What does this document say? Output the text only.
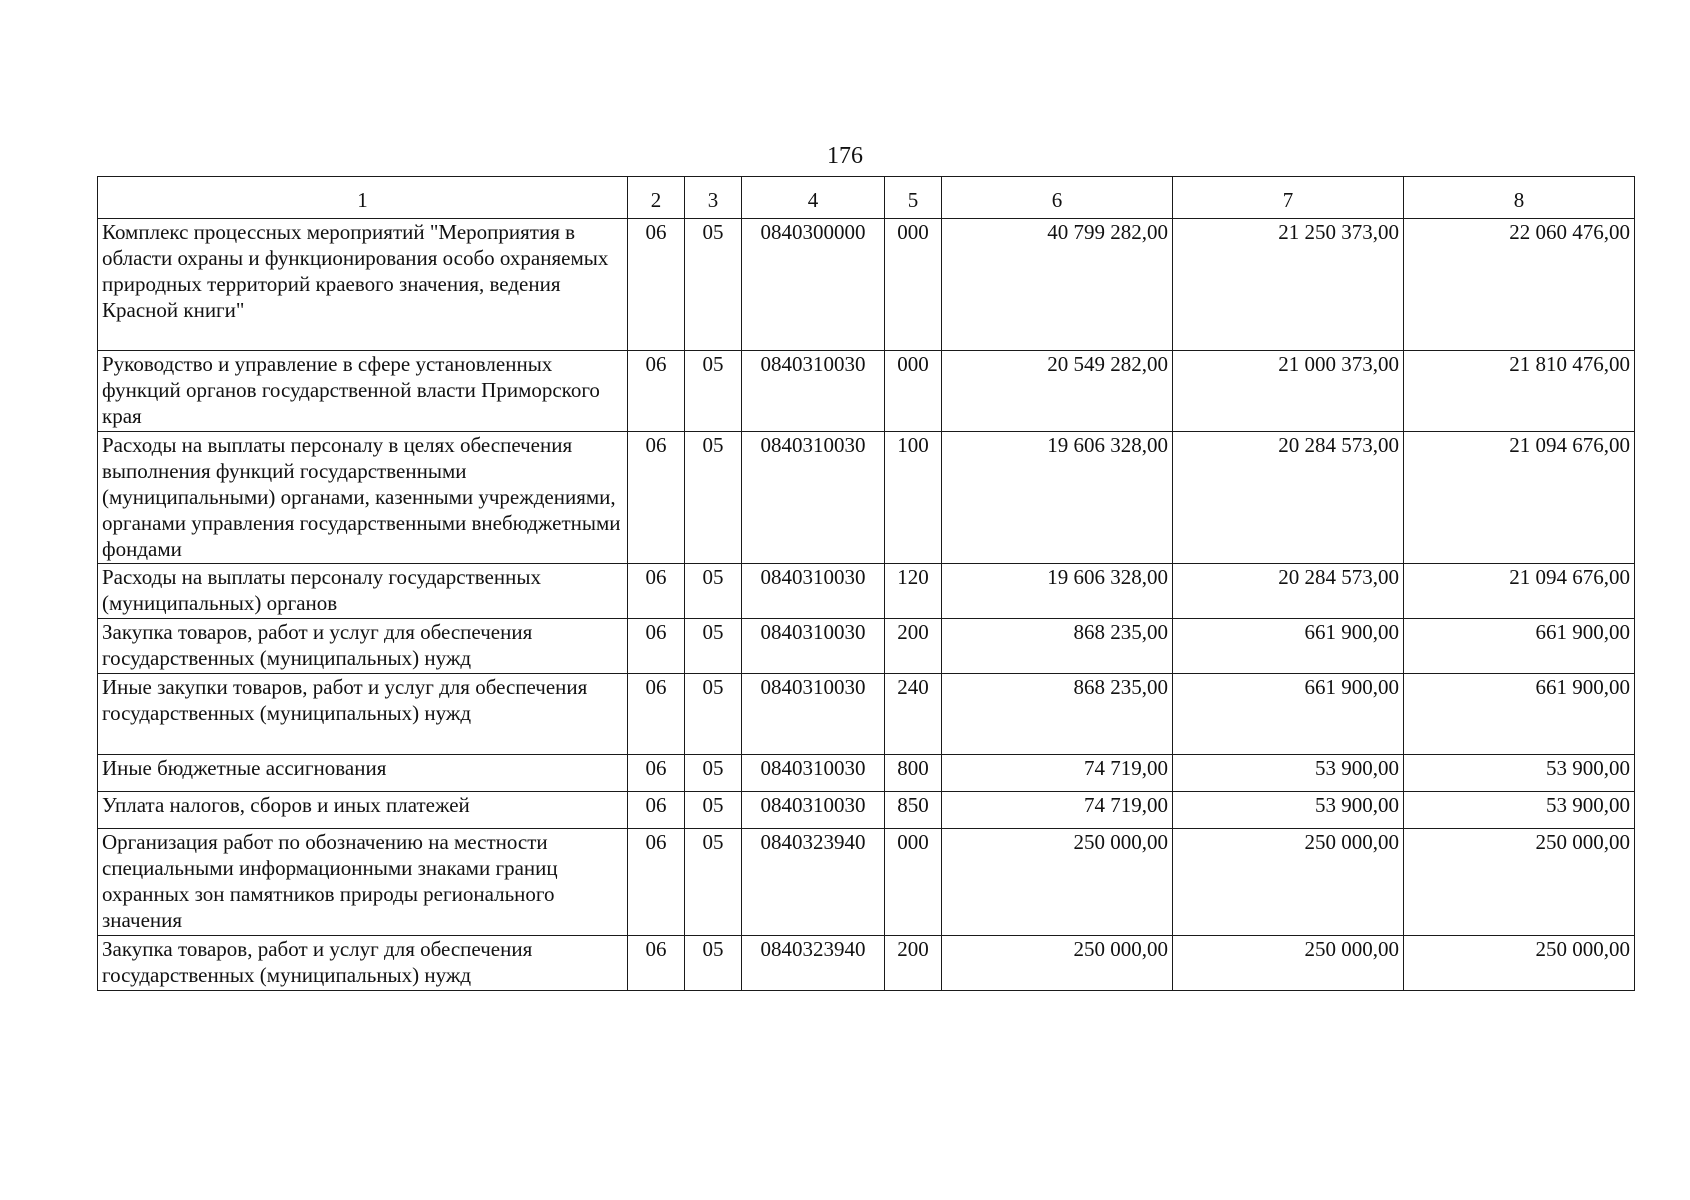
176
1	2	3	4	5	6	7	8
Комплекс процессных мероприятий "Мероприятия в области охраны и функционирования особо охраняемых природных территорий краевого значения, ведения Красной книги"	06	05	0840300000	000	40 799 282,00	21 250 373,00	22 060 476,00
Руководство и управление в сфере установленных функций органов государственной власти Приморского края	06	05	0840310030	000	20 549 282,00	21 000 373,00	21 810 476,00
Расходы на выплаты персоналу в целях обеспечения выполнения функций государственными (муниципальными) органами, казенными учреждениями, органами управления государственными внебюджетными фондами	06	05	0840310030	100	19 606 328,00	20 284 573,00	21 094 676,00
Расходы на выплаты персоналу государственных (муниципальных) органов	06	05	0840310030	120	19 606 328,00	20 284 573,00	21 094 676,00
Закупка товаров, работ и услуг для обеспечения государственных (муниципальных) нужд	06	05	0840310030	200	868 235,00	661 900,00	661 900,00
Иные закупки товаров, работ и услуг для обеспечения государственных (муниципальных) нужд	06	05	0840310030	240	868 235,00	661 900,00	661 900,00
Иные бюджетные ассигнования	06	05	0840310030	800	74 719,00	53 900,00	53 900,00
Уплата налогов, сборов и иных платежей	06	05	0840310030	850	74 719,00	53 900,00	53 900,00
Организация работ по обозначению на местности специальными информационными знаками границ охранных зон памятников природы регионального значения	06	05	0840323940	000	250 000,00	250 000,00	250 000,00
Закупка товаров, работ и услуг для обеспечения государственных (муниципальных) нужд	06	05	0840323940	200	250 000,00	250 000,00	250 000,00
